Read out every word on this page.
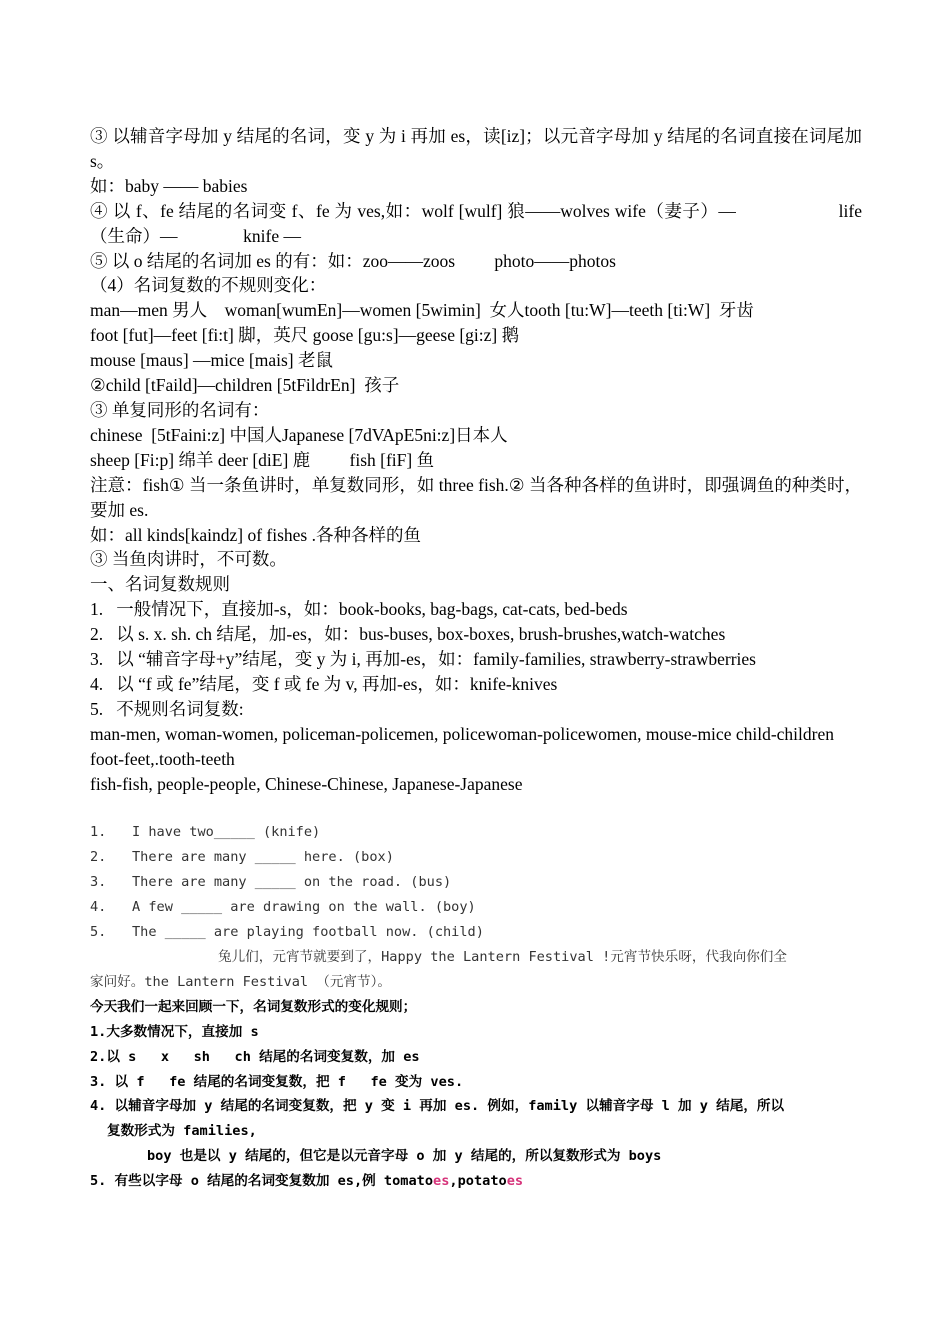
③ 以辅音字母加 y 结尾的名词，变 y 为 i 再加 es，读[iz]；以元音字母加 y 结尾的名词直接在词尾加 s。

如：baby —— babies

④ 以 f、fe 结尾的名词变 f、fe 为 ves,如：wolf [wulf] 狼——wolves wife（妻子）—                     life（生命）—               knife —

⑤ 以 o 结尾的名词加 es 的有：如：zoo——zoos         photo——photos

（4）名词复数的不规则变化：

man—men 男人    woman[wumEn]—women [5wimin]  女人tooth [tu:W]—teeth [ti:W]  牙齿

foot [fut]—feet [fi:t] 脚，英尺 goose [gu:s]—geese [gi:z] 鹅

mouse [maus] —mice [mais] 老鼠

②child [tFaild]—children [5tFildrEn]  孩子

③ 单复同形的名词有：

chinese  [5tFaini:z] 中国人Japanese [7dVApE5ni:z]日本人

sheep [Fi:p] 绵羊 deer [diE] 鹿         fish [fiF] 鱼

注意：fish① 当一条鱼讲时，单复数同形，如 three fish.② 当各种各样的鱼讲时，即强调鱼的种类时，要加 es.

如：all kinds[kaindz] of fishes .各种各样的鱼

③ 当鱼肉讲时，不可数。

一、名词复数规则

1.   一般情况下，直接加-s，如：book-books, bag-bags, cat-cats, bed-beds

2.   以 s. x. sh. ch 结尾，加-es，如：bus-buses, box-boxes, brush-brushes,watch-watches

3.   以 “辅音字母+y”结尾，变 y 为 i, 再加-es，如：family-families, strawberry-strawberries

4.   以 “f 或 fe”结尾，变 f 或 fe 为 v, 再加-es，如：knife-knives

5.   不规则名词复数:

man-men, woman-women, policeman-policemen, policewoman-policewomen, mouse-mice child-children

foot-feet,.tooth-teeth

fish-fish, people-people, Chinese-Chinese, Japanese-Japanese

1. I have two_____ (knife)

2. There are many _____ here. (box)

3. There are many _____ on the road. (bus)

4. A few _____ are drawing on the wall. (boy)

5. The _____ are playing football now. (child)

兔儿们，元宵节就要到了，Happy the Lantern Festival !元宵节快乐呀，代我向你们全

家问好。the Lantern Festival （元宵节）。

今天我们一起来回顾一下，名词复数形式的变化规则；

1.大多数情况下，直接加 s

2.以 s   x   sh   ch 结尾的名词变复数，加 es

3. 以 f   fe 结尾的名词变复数，把 f   fe 变为 ves.

4. 以辅音字母加 y 结尾的名词变复数，把 y 变 i 再加 es. 例如，family 以辅音字母 l 加 y 结尾，所以

复数形式为 families,

boy 也是以 y 结尾的，但它是以元音字母 o 加 y 结尾的，所以复数形式为 boys

5. 有些以字母 o 结尾的名词变复数加 es,例 tomatoes,potatoes
